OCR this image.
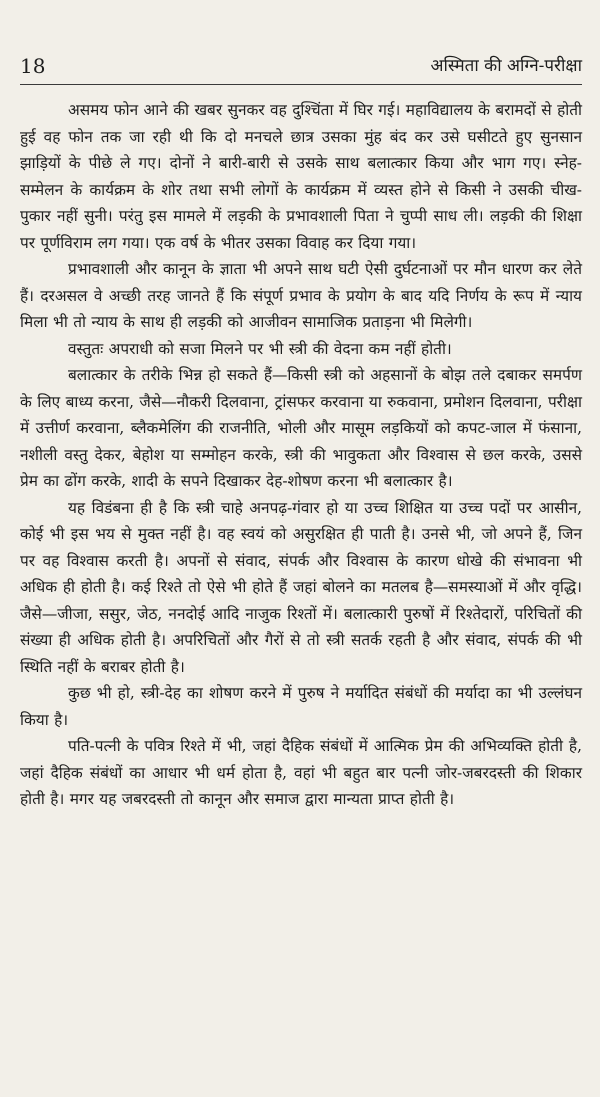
18	अस्मिता की अग्नि-परीक्षा

असमय फोन आने की खबर सुनकर वह दुश्चिंता में घिर गई। महाविद्यालय के बरामदों से होती हुई वह फोन तक जा रही थी कि दो मनचले छात्र उसका मुंह बंद कर उसे घसीटते हुए सुनसान झाड़ियों के पीछे ले गए। दोनों ने बारी-बारी से उसके साथ बलात्कार किया और भाग गए। स्नेह-सम्मेलन के कार्यक्रम के शोर तथा सभी लोगों के कार्यक्रम में व्यस्त होने से किसी ने उसकी चीख-पुकार नहीं सुनी। परंतु इस मामले में लड़की के प्रभावशाली पिता ने चुप्पी साध ली। लड़की की शिक्षा पर पूर्णविराम लग गया। एक वर्ष के भीतर उसका विवाह कर दिया गया।

प्रभावशाली और कानून के ज्ञाता भी अपने साथ घटी ऐसी दुर्घटनाओं पर मौन धारण कर लेते हैं। दरअसल वे अच्छी तरह जानते हैं कि संपूर्ण प्रभाव के प्रयोग के बाद यदि निर्णय के रूप में न्याय मिला भी तो न्याय के साथ ही लड़की को आजीवन सामाजिक प्रताड़ना भी मिलेगी।

वस्तुतः अपराधी को सजा मिलने पर भी स्त्री की वेदना कम नहीं होती।

बलात्कार के तरीके भिन्न हो सकते हैं—किसी स्त्री को अहसानों के बोझ तले दबाकर समर्पण के लिए बाध्य करना, जैसे—नौकरी दिलवाना, ट्रांसफर करवाना या रुकवाना, प्रमोशन दिलवाना, परीक्षा में उत्तीर्ण करवाना, ब्लैकमेलिंग की राजनीति, भोली और मासूम लड़कियों को कपट-जाल में फंसाना, नशीली वस्तु देकर, बेहोश या सम्मोहन करके, स्त्री की भावुकता और विश्वास से छल करके, उससे प्रेम का ढोंग करके, शादी के सपने दिखाकर देह-शोषण करना भी बलात्कार है।

यह विडंबना ही है कि स्त्री चाहे अनपढ़-गंवार हो या उच्च शिक्षित या उच्च पदों पर आसीन, कोई भी इस भय से मुक्त नहीं है। वह स्वयं को असुरक्षित ही पाती है। उनसे भी, जो अपने हैं, जिन पर वह विश्वास करती है। अपनों से संवाद, संपर्क और विश्वास के कारण धोखे की संभावना भी अधिक ही होती है। कई रिश्ते तो ऐसे भी होते हैं जहां बोलने का मतलब है—समस्याओं में और वृद्धि। जैसे—जीजा, ससुर, जेठ, ननदोई आदि नाजुक रिश्तों में। बलात्कारी पुरुषों में रिश्तेदारों, परिचितों की संख्या ही अधिक होती है। अपरिचितों और गैरों से तो स्त्री सतर्क रहती है और संवाद, संपर्क की भी स्थिति नहीं के बराबर होती है।

कुछ भी हो, स्त्री-देह का शोषण करने में पुरुष ने मर्यादित संबंधों की मर्यादा का भी उल्लंघन किया है।

पति-पत्नी के पवित्र रिश्ते में भी, जहां दैहिक संबंधों में आत्मिक प्रेम की अभिव्यक्ति होती है, जहां दैहिक संबंधों का आधार भी धर्म होता है, वहां भी बहुत बार पत्नी जोर-जबरदस्ती की शिकार होती है। मगर यह जबरदस्ती तो कानून और समाज द्वारा मान्यता प्राप्त होती है।
